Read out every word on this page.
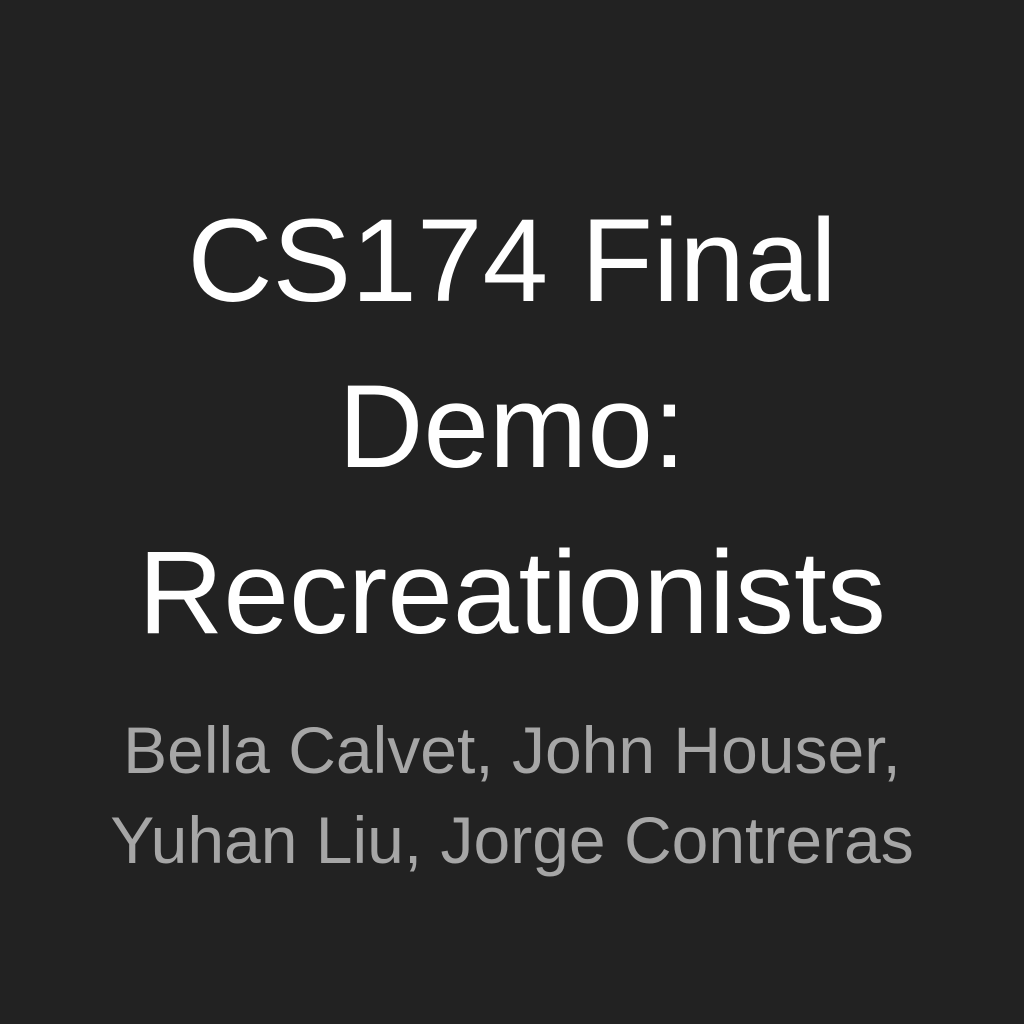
CS174 Final
Demo:
Recreationists

Bella Calvet, John Houser,
Yuhan Liu, Jorge Contreras
